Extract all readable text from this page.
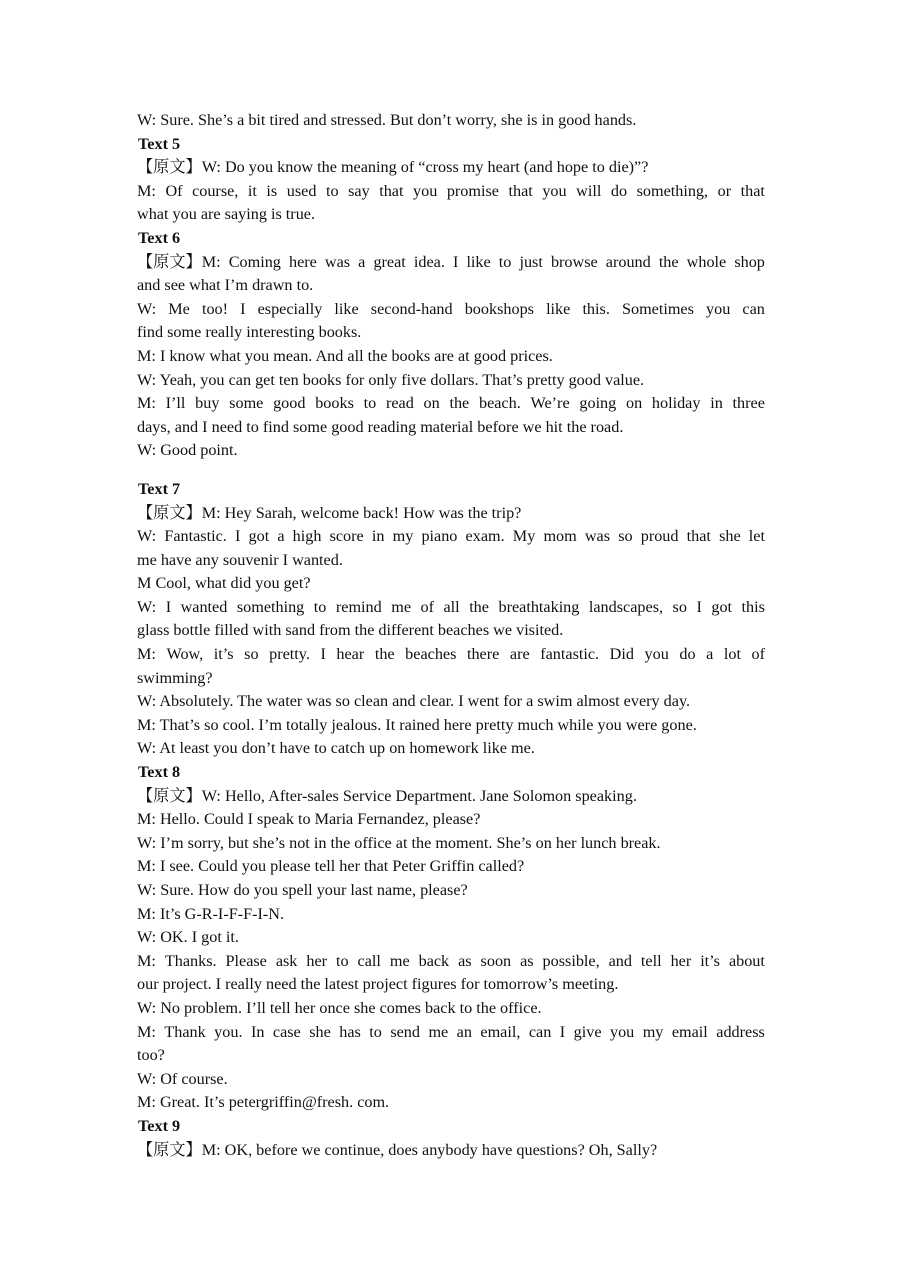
W: Sure. She’s a bit tired and stressed. But don’t worry, she is in good hands.
Text 5
【原文】W: Do you know the meaning of “cross my heart (and hope to die)”?
M: Of course, it is used to say that you promise that you will do something, or that
what you are saying is true.
Text 6
【原文】M: Coming here was a great idea. I like to just browse around the whole shop
and see what I’m drawn to.
W: Me too! I especially like second-hand bookshops like this. Sometimes you can
find some really interesting books.
M: I know what you mean. And all the books are at good prices.
W: Yeah, you can get ten books for only five dollars. That’s pretty good value.
M: I’ll buy some good books to read on the beach. We’re going on holiday in three
days, and I need to find some good reading material before we hit the road.
W: Good point.
Text 7
【原文】M: Hey Sarah, welcome back! How was the trip?
W: Fantastic. I got a high score in my piano exam. My mom was so proud that she let
me have any souvenir I wanted.
M Cool, what did you get?
W: I wanted something to remind me of all the breathtaking landscapes, so I got this
glass bottle filled with sand from the different beaches we visited.
M: Wow, it’s so pretty. I hear the beaches there are fantastic. Did you do a lot of
swimming?
W: Absolutely. The water was so clean and clear. I went for a swim almost every day.
M: That’s so cool. I’m totally jealous. It rained here pretty much while you were gone.
W: At least you don’t have to catch up on homework like me.
Text 8
【原文】W: Hello, After-sales Service Department. Jane Solomon speaking.
M: Hello. Could I speak to Maria Fernandez, please?
W: I’m sorry, but she’s not in the office at the moment. She’s on her lunch break.
M: I see. Could you please tell her that Peter Griffin called?
W: Sure. How do you spell your last name, please?
M: It’s G-R-I-F-F-I-N.
W: OK. I got it.
M: Thanks. Please ask her to call me back as soon as possible, and tell her it’s about
our project. I really need the latest project figures for tomorrow’s meeting.
W: No problem. I’ll tell her once she comes back to the office.
M: Thank you. In case she has to send me an email, can I give you my email address
too?
W: Of course.
M: Great. It’s petergriffin@fresh. com.
Text 9
【原文】M: OK, before we continue, does anybody have questions? Oh, Sally?
